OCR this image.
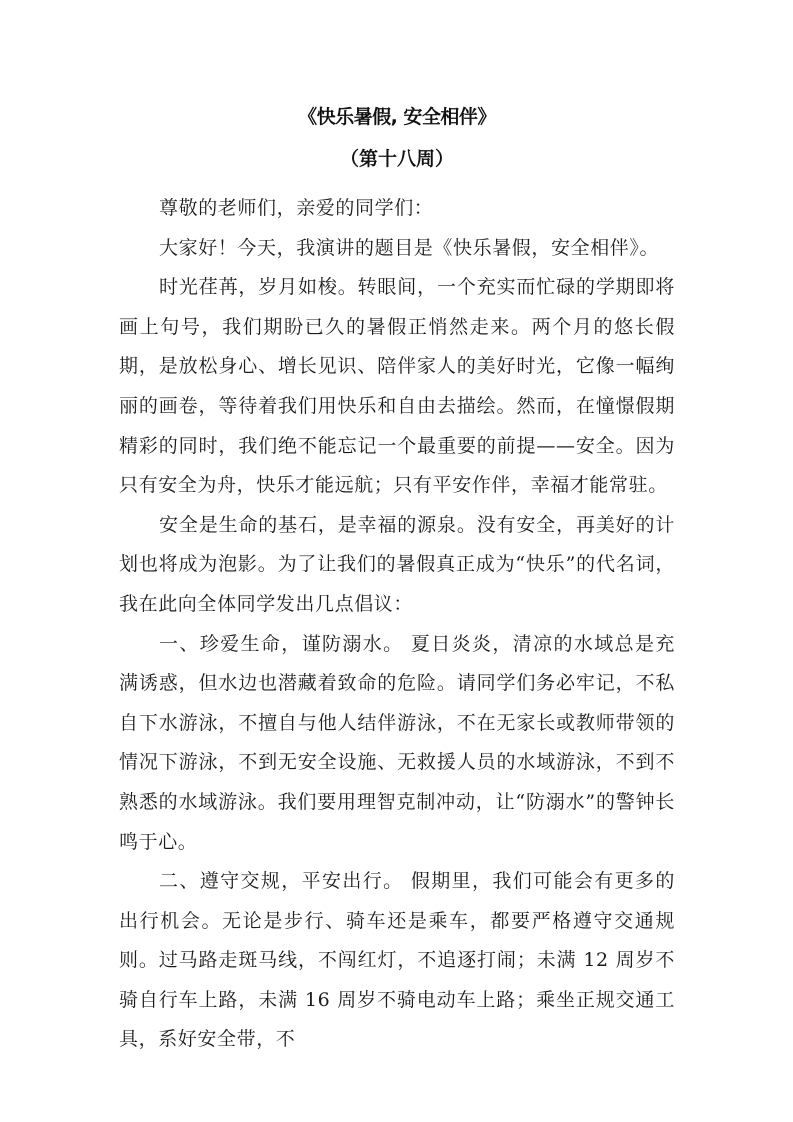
《快乐暑假, 安全相伴》
（第十八周）

尊敬的老师们，亲爱的同学们：

大家好！今天，我演讲的题目是《快乐暑假，安全相伴》。

时光荏苒，岁月如梭。转眼间，一个充实而忙碌的学期即将画上句号，我们期盼已久的暑假正悄然走来。两个月的悠长假期，是放松身心、增长见识、陪伴家人的美好时光，它像一幅绚丽的画卷，等待着我们用快乐和自由去描绘。然而，在憧憬假期精彩的同时，我们绝不能忘记一个最重要的前提——安全。因为只有安全为舟，快乐才能远航；只有平安作伴，幸福才能常驻。

安全是生命的基石，是幸福的源泉。没有安全，再美好的计划也将成为泡影。为了让我们的暑假真正成为“快乐”的代名词，我在此向全体同学发出几点倡议：

一、珍爱生命，谨防溺水。 夏日炎炎，清凉的水域总是充满诱惑，但水边也潜藏着致命的危险。请同学们务必牢记，不私自下水游泳，不擅自与他人结伴游泳，不在无家长或教师带领的情况下游泳，不到无安全设施、无救援人员的水域游泳，不到不熟悉的水域游泳。我们要用理智克制冲动，让“防溺水”的警钟长鸣于心。

二、遵守交规，平安出行。 假期里，我们可能会有更多的出行机会。无论是步行、骑车还是乘车，都要严格遵守交通规则。过马路走斑马线，不闯红灯，不追逐打闹；未满 12 周岁不骑自行车上路，未满 16 周岁不骑电动车上路；乘坐正规交通工具，系好安全带，不
